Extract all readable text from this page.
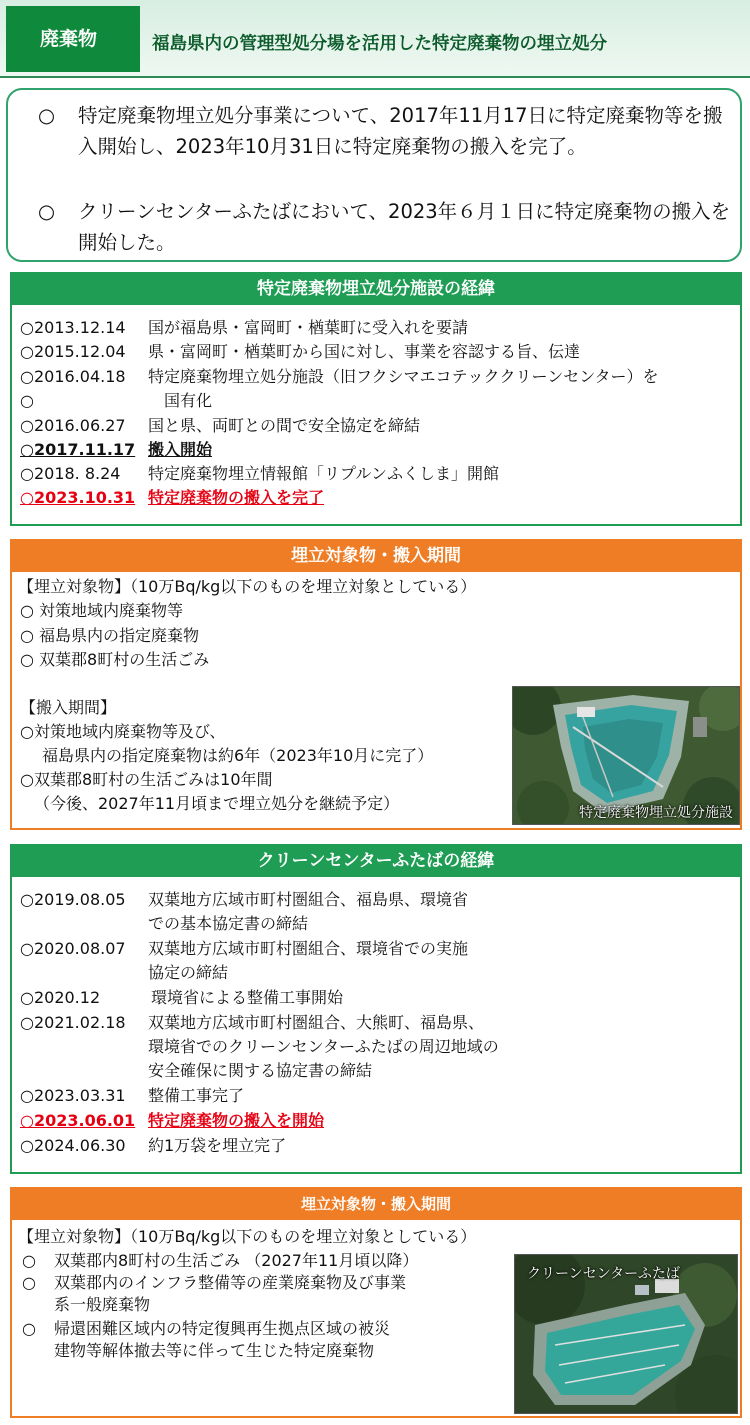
廃棄物	福島県内の管理型処分場を活用した特定廃棄物の埋立処分
○ 特定廃棄物埋立処分事業について、2017年11月17日に特定廃棄物等を搬入開始し、2023年10月31日に特定廃棄物の搬入を完了。
○ クリーンセンターふたばにおいて、2023年６月１日に特定廃棄物の搬入を開始した。
特定廃棄物埋立処分施設の経緯
○2013.12.14 国が福島県・富岡町・楢葉町に受入れを要請
○2015.12.04 県・富岡町・楢葉町から国に対し、事業を容認する旨、伝達
○2016.04.18 特定廃棄物埋立処分施設（旧フクシマエコテッククリーンセンター）を
○	国有化
○2016.06.27 国と県、両町との間で安全協定を締結
○2017.11.17 搬入開始
○2018. 8.24 特定廃棄物埋立情報館「リプルンふくしま」開館
○2023.10.31 特定廃棄物の搬入を完了
埋立対象物・搬入期間
【埋立対象物】（10万Bq/kg以下のものを埋立対象としている）
○ 対策地域内廃棄物等
○ 福島県内の指定廃棄物
○ 双葉郡8町村の生活ごみ
【搬入期間】
○対策地域内廃棄物等及び、
福島県内の指定廃棄物は約6年（2023年10月に完了）
○双葉郡8町村の生活ごみは10年間
（今後、2027年11月頃まで埋立処分を継続予定）	特定廃棄物埋立処分施設
クリーンセンターふたばの経緯
○2019.08.05 双葉地方広域市町村圏組合、福島県、環境省
での基本協定書の締結
○2020.08.07 双葉地方広域市町村圏組合、環境省での実施
協定の締結
○2020.12	環境省による整備工事開始
○2021.02.18 双葉地方広域市町村圏組合、大熊町、福島県、
環境省でのクリーンセンターふたばの周辺地域の
安全確保に関する協定書の締結
○2023.03.31 整備工事完了
○2023.06.01 特定廃棄物の搬入を開始
○2024.06.30 約1万袋を埋立完了
埋立対象物・搬入期間
【埋立対象物】（10万Bq/kg以下のものを埋立対象としている）
○ 双葉郡内8町村の生活ごみ （2027年11月頃以降）
○ 双葉郡内のインフラ整備等の産業廃棄物及び事業
系一般廃棄物
○ 帰還困難区域内の特定復興再生拠点区域の被災
建物等解体撤去等に伴って生じた特定廃棄物
クリーンセンターふたば
